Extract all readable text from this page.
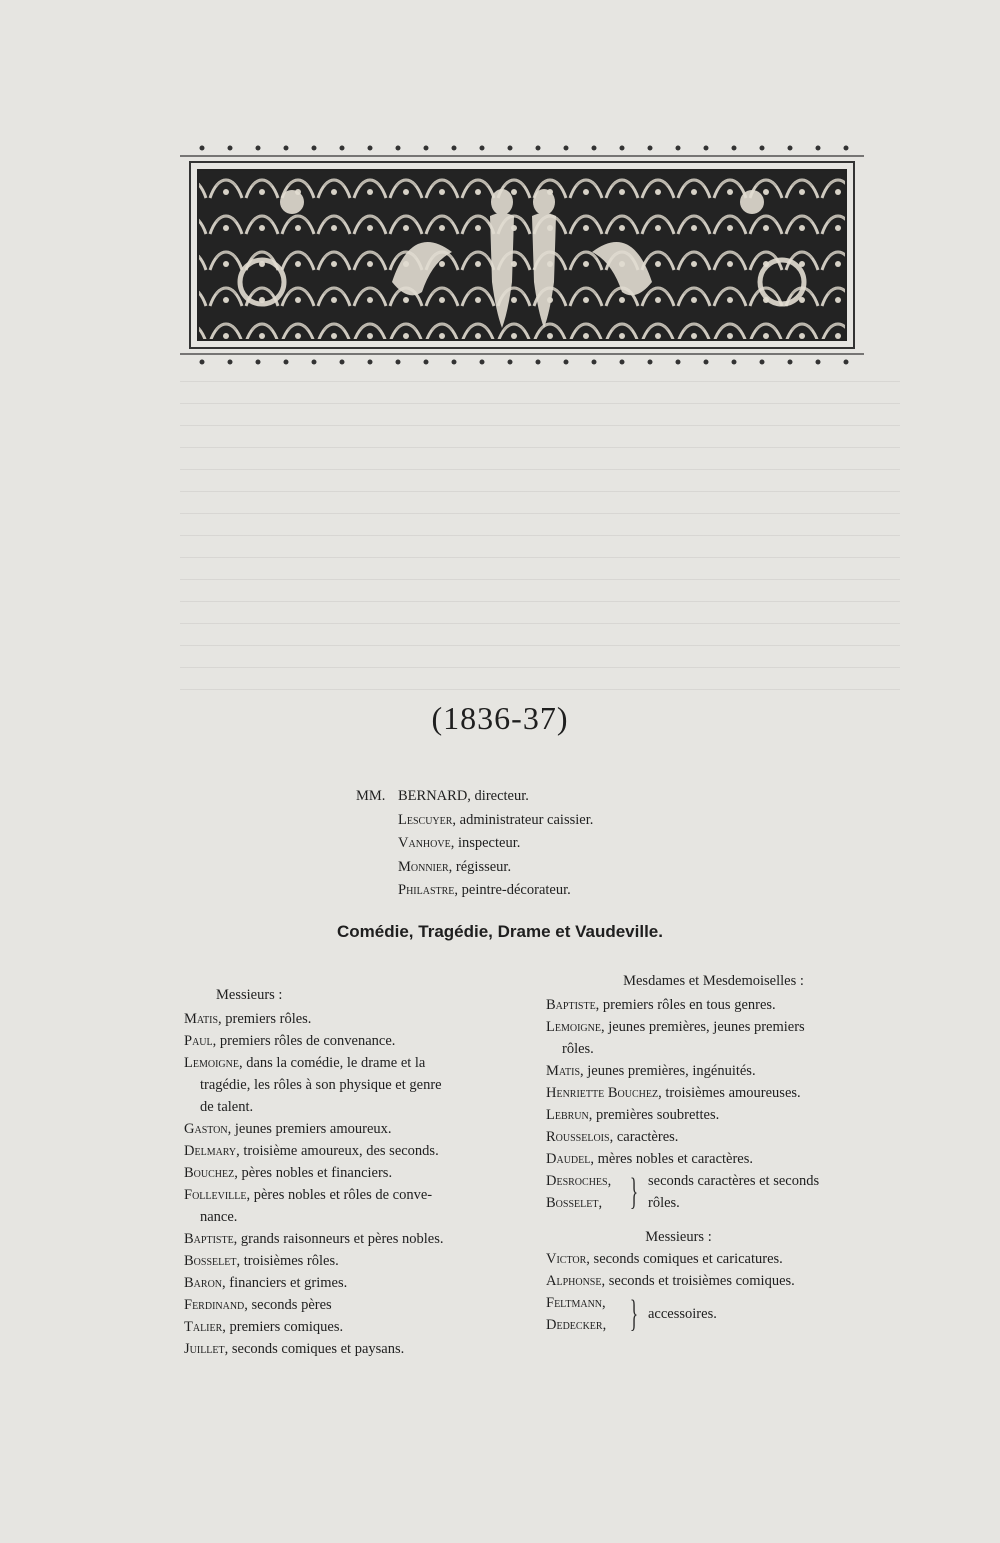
(1836-37)
MM. BERNARD, directeur.
Lescuyer, administrateur caissier.
Vanhove, inspecteur.
Monnier, régisseur.
Philastre, peintre-décorateur.
Comédie, Tragédie, Drame et Vaudeville.
Messieurs :
Matis, premiers rôles.
Paul, premiers rôles de convenance.
Lemoigne, dans la comédie, le drame et la
tragédie, les rôles à son physique et genre
de talent.
Gaston, jeunes premiers amoureux.
Delmary, troisième amoureux, des seconds.
Bouchez, pères nobles et financiers.
Folleville, pères nobles et rôles de conve-
nance.
Baptiste, grands raisonneurs et pères nobles.
Bosselet, troisièmes rôles.
Baron, financiers et grimes.
Ferdinand, seconds pères
Talier, premiers comiques.
Juillet, seconds comiques et paysans.
Mesdames et Mesdemoiselles :
Baptiste, premiers rôles en tous genres.
Lemoigne, jeunes premières, jeunes premiers
rôles.
Matis, jeunes premières, ingénuités.
Henriette Bouchez, troisièmes amoureuses.
Lebrun, premières soubrettes.
Rousselois, caractères.
Daudel, mères nobles et caractères.
Desroches,
Bosselet, } seconds caractères et seconds
rôles.
Messieurs :
Victor, seconds comiques et caricatures.
Alphonse, seconds et troisièmes comiques.
Feltmann,
Dedecker, } accessoires.
